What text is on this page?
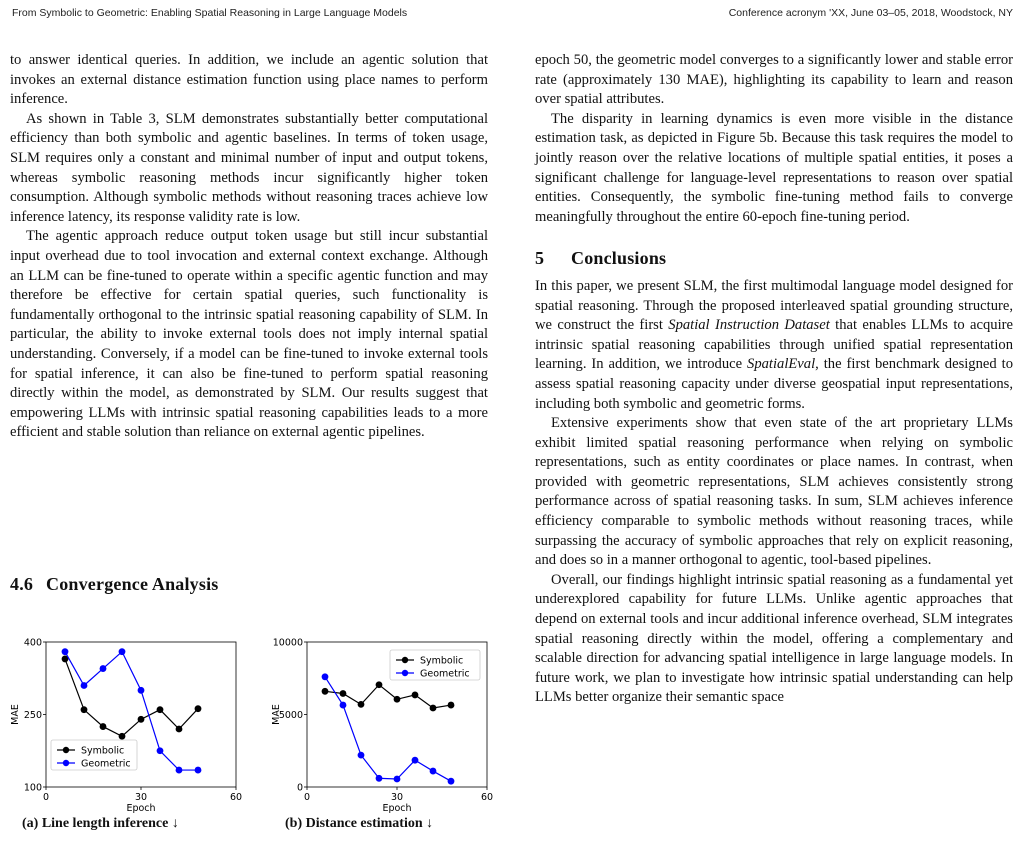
From Symbolic to Geometric: Enabling Spatial Reasoning in Large Language Models	Conference acronym 'XX, June 03–05, 2018, Woodstock, NY

to answer identical queries. In addition, we include an agentic solution that invokes an external distance estimation function using place names to perform inference.

As shown in Table 3, SLM demonstrates substantially better computational efficiency than both symbolic and agentic baselines. In terms of token usage, SLM requires only a constant and minimal number of input and output tokens, whereas symbolic reasoning methods incur significantly higher token consumption. Although symbolic methods without reasoning traces achieve low inference latency, its response validity rate is low.

The agentic approach reduce output token usage but still incur substantial input overhead due to tool invocation and external context exchange. Although an LLM can be fine-tuned to operate within a specific agentic function and may therefore be effective for certain spatial queries, such functionality is fundamentally orthogonal to the intrinsic spatial reasoning capability of SLM. In particular, the ability to invoke external tools does not imply internal spatial understanding. Conversely, if a model can be fine-tuned to invoke external tools for spatial inference, it can also be fine-tuned to perform spatial reasoning directly within the model, as demonstrated by SLM. Our results suggest that empowering LLMs with intrinsic spatial reasoning capabilities leads to a more efficient and stable solution than reliance on external agentic pipelines.

4.6 Convergence Analysis
100
250
400
0	30	60
Epoch
MAE
Symbolic
Geometric
(a) Line length inference ↓
0
5000
10000
0	30	60
Epoch
MAE
Symbolic
Geometric
(b) Distance estimation ↓

epoch 50, the geometric model converges to a significantly lower and stable error rate (approximately 130 MAE), highlighting its capability to learn and reason over spatial attributes.

The disparity in learning dynamics is even more visible in the distance estimation task, as depicted in Figure 5b. Because this task requires the model to jointly reason over the relative locations of multiple spatial entities, it poses a significant challenge for language-level representations to reason over spatial entities. Consequently, the symbolic fine-tuning method fails to converge meaningfully throughout the entire 60-epoch fine-tuning period.

5 Conclusions

In this paper, we present SLM, the first multimodal language model designed for spatial reasoning. Through the proposed interleaved spatial grounding structure, we construct the first Spatial Instruction Dataset that enables LLMs to acquire intrinsic spatial reasoning capabilities through unified spatial representation learning. In addition, we introduce SpatialEval, the first benchmark designed to assess spatial reasoning capacity under diverse geospatial input representations, including both symbolic and geometric forms.

Extensive experiments show that even state of the art proprietary LLMs exhibit limited spatial reasoning performance when relying on symbolic representations, such as entity coordinates or place names. In contrast, when provided with geometric representations, SLM achieves consistently strong performance across of spatial reasoning tasks. In sum, SLM achieves inference efficiency comparable to symbolic methods without reasoning traces, while surpassing the accuracy of symbolic approaches that rely on explicit reasoning, and does so in a manner orthogonal to agentic, tool-based pipelines.

Overall, our findings highlight intrinsic spatial reasoning as a fundamental yet underexplored capability for future LLMs. Unlike agentic approaches that depend on external tools and incur additional inference overhead, SLM integrates spatial reasoning directly within the model, offering a complementary and scalable direction for advancing spatial intelligence in large language models. In future work, we plan to investigate how intrinsic spatial understanding can help LLMs better organize their semantic space
